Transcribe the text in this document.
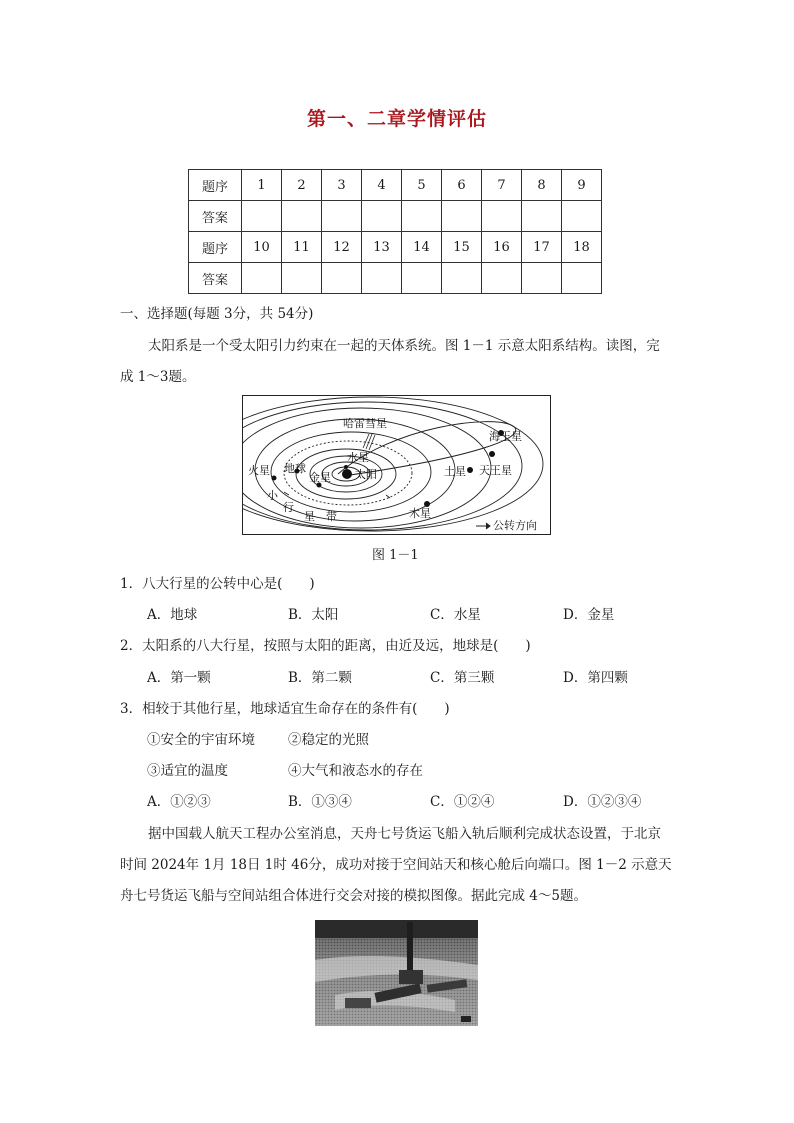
第一、二章学情评估
题序	1	2	3	4	5	6	7	8	9
答案									
题序	10	11	12	13	14	15	16	17	18
答案									
一、选择题(每题 3分，共 54分)
太阳系是一个受太阳引力约束在一起的天体系统。图 1－1 示意太阳系结构。读图，完
成 1～3题。
哈雷彗星
海王星
水星
火星 地球
金星 太阳	土星 天王星
小
行
星 带	木星
公转方向
图 1－1
1．八大行星的公转中心是(　　)
A．地球	B．太阳	C．水星	D．金星
2．太阳系的八大行星，按照与太阳的距离，由近及远，地球是(　　)
A．第一颗	B．第二颗	C．第三颗	D．第四颗
3．相较于其他行星，地球适宜生命存在的条件有(　　)
①安全的宇宙环境 ②稳定的光照
③适宜的温度	④大气和液态水的存在
A．①②③	B．①③④	C．①②④	D．①②③④
据中国载人航天工程办公室消息，天舟七号货运飞船入轨后顺利完成状态设置，于北京
时间 2024年 1月 18日 1时 46分，成功对接于空间站天和核心舱后向端口。图 1－2 示意天
舟七号货运飞船与空间站组合体进行交会对接的模拟图像。据此完成 4～5题。
